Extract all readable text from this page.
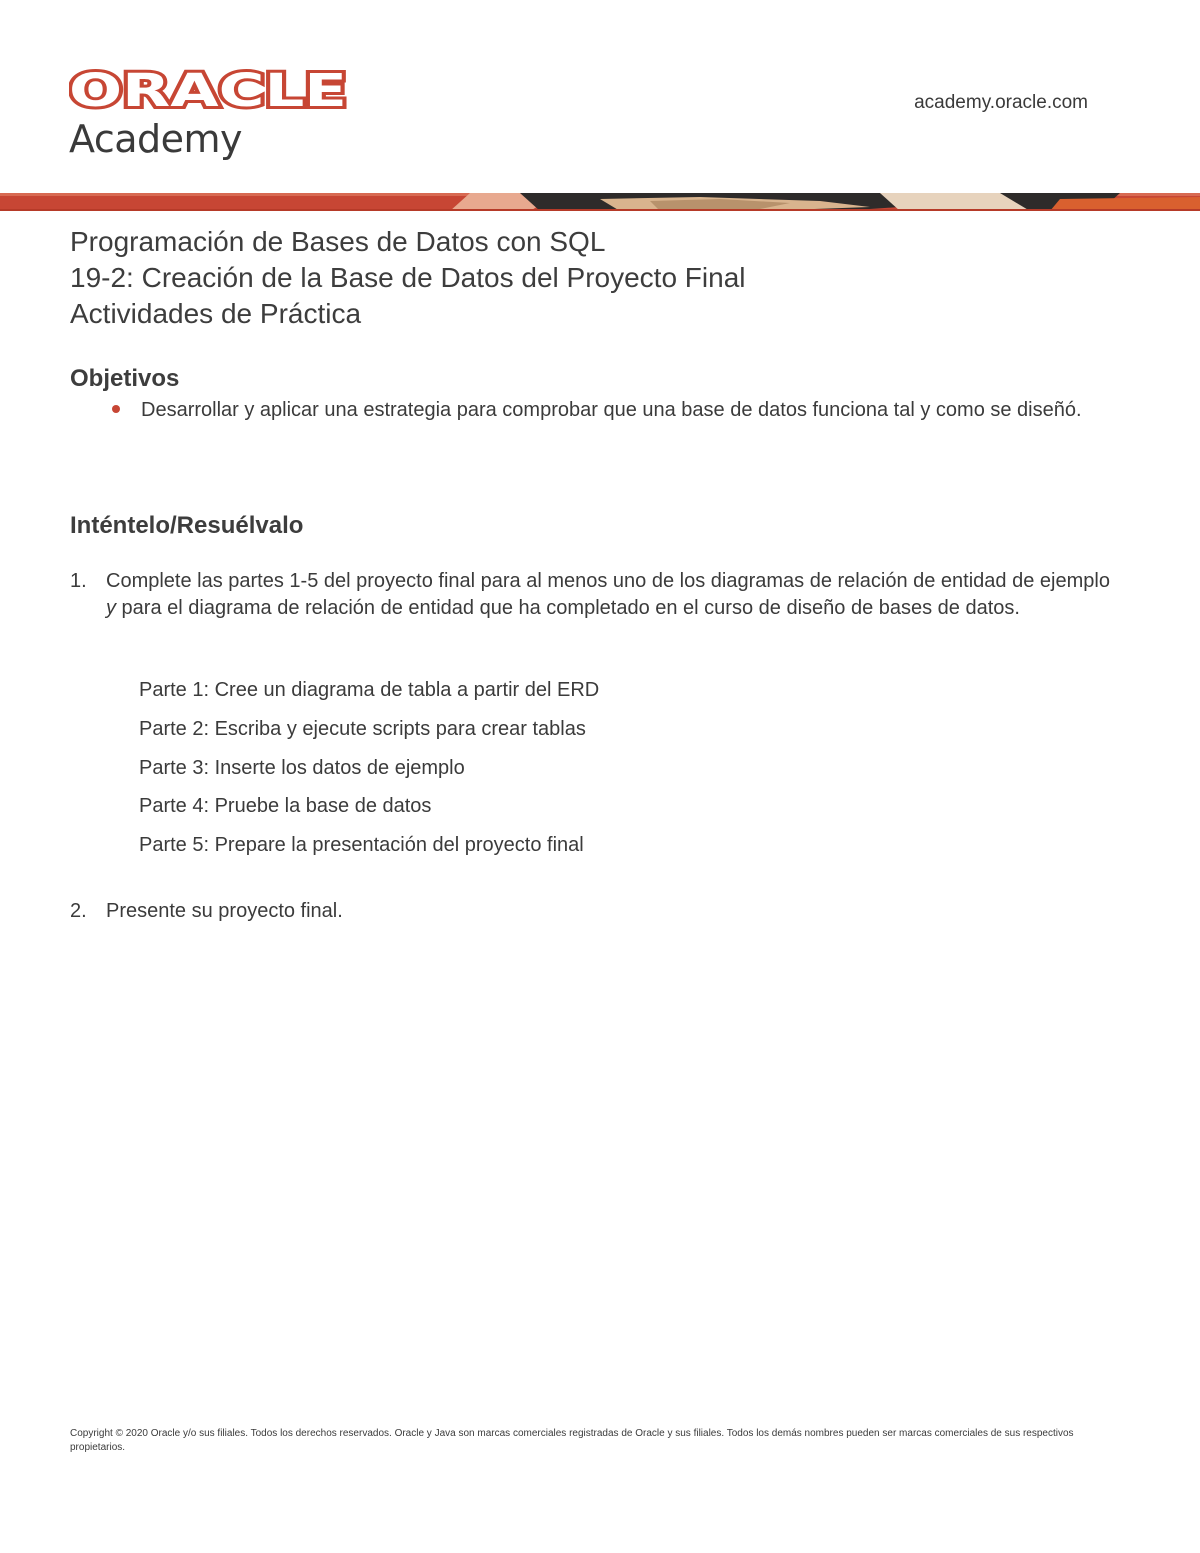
ORACLE
Academy
academy.oracle.com
Programación de Bases de Datos con SQL
19-2: Creación de la Base de Datos del Proyecto Final
Actividades de Práctica
Objetivos
Desarrollar y aplicar una estrategia para comprobar que una base de datos funciona tal y como se diseñó.
Inténtelo/Resuélvalo
1. Complete las partes 1-5 del proyecto final para al menos uno de los diagramas de relación de entidad de ejemplo y para el diagrama de relación de entidad que ha completado en el curso de diseño de bases de datos.
Parte 1: Cree un diagrama de tabla a partir del ERD
Parte 2: Escriba y ejecute scripts para crear tablas
Parte 3: Inserte los datos de ejemplo
Parte 4: Pruebe la base de datos
Parte 5: Prepare la presentación del proyecto final
2. Presente su proyecto final.
Copyright © 2020 Oracle y/o sus filiales. Todos los derechos reservados. Oracle y Java son marcas comerciales registradas de Oracle y sus filiales. Todos los demás nombres pueden ser marcas comerciales de sus respectivos propietarios.
